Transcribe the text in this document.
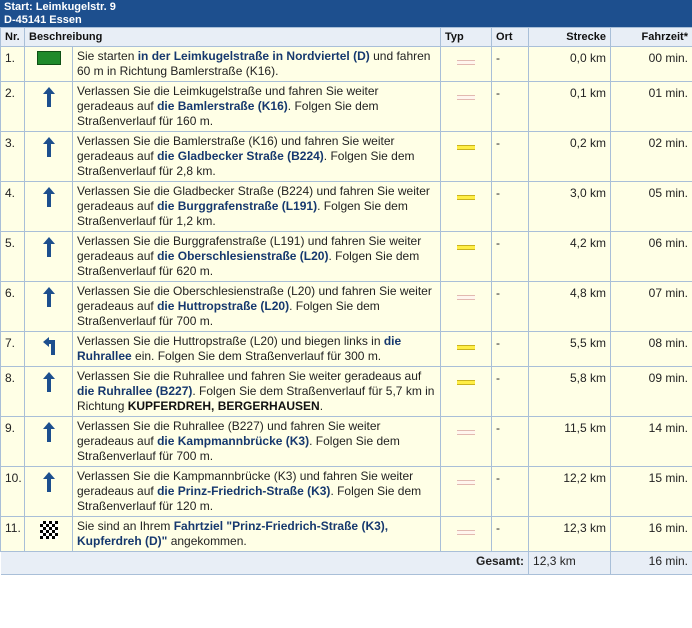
Start: Leimkugelstr. 9
D-45141 Essen
Nr.	Beschreibung		Typ	Ort	Strecke	Fahrzeit*
1.		Sie starten in der Leimkugelstraße in Nordviertel (D) und fahren 60 m in Richtung Bamlerstraße (K16).		-	0,0 km	00 min.
2.		Verlassen Sie die Leimkugelstraße und fahren Sie weiter geradeaus auf die Bamlerstraße (K16). Folgen Sie dem Straßenverlauf für 160 m.		-	0,1 km	01 min.
3.		Verlassen Sie die Bamlerstraße (K16) und fahren Sie weiter geradeaus auf die Gladbecker Straße (B224). Folgen Sie dem Straßenverlauf für 2,8 km.		-	0,2 km	02 min.
4.		Verlassen Sie die Gladbecker Straße (B224) und fahren Sie weiter geradeaus auf die Burggrafenstraße (L191). Folgen Sie dem Straßenverlauf für 1,2 km.		-	3,0 km	05 min.
5.		Verlassen Sie die Burggrafenstraße (L191) und fahren Sie weiter geradeaus auf die Oberschlesienstraße (L20). Folgen Sie dem Straßenverlauf für 620 m.		-	4,2 km	06 min.
6.		Verlassen Sie die Oberschlesienstraße (L20) und fahren Sie weiter geradeaus auf die Huttropstraße (L20). Folgen Sie dem Straßenverlauf für 700 m.		-	4,8 km	07 min.
7.		Verlassen Sie die Huttropstraße (L20) und biegen links in die Ruhrallee ein. Folgen Sie dem Straßenverlauf für 300 m.		-	5,5 km	08 min.
8.		Verlassen Sie die Ruhrallee und fahren Sie weiter geradeaus auf die Ruhrallee (B227). Folgen Sie dem Straßenverlauf für 5,7 km in Richtung KUPFERDREH, BERGERHAUSEN.		-	5,8 km	09 min.
9.		Verlassen Sie die Ruhrallee (B227) und fahren Sie weiter geradeaus auf die Kampmannbrücke (K3). Folgen Sie dem Straßenverlauf für 700 m.		-	11,5 km	14 min.
10.		Verlassen Sie die Kampmannbrücke (K3) und fahren Sie weiter geradeaus auf die Prinz-Friedrich-Straße (K3). Folgen Sie dem Straßenverlauf für 120 m.		-	12,2 km	15 min.
11.		Sie sind an Ihrem Fahrtziel "Prinz-Friedrich-Straße (K3), Kupferdreh (D)" angekommen.		-	12,3 km	16 min.
Gesamt:					12,3 km	16 min.
